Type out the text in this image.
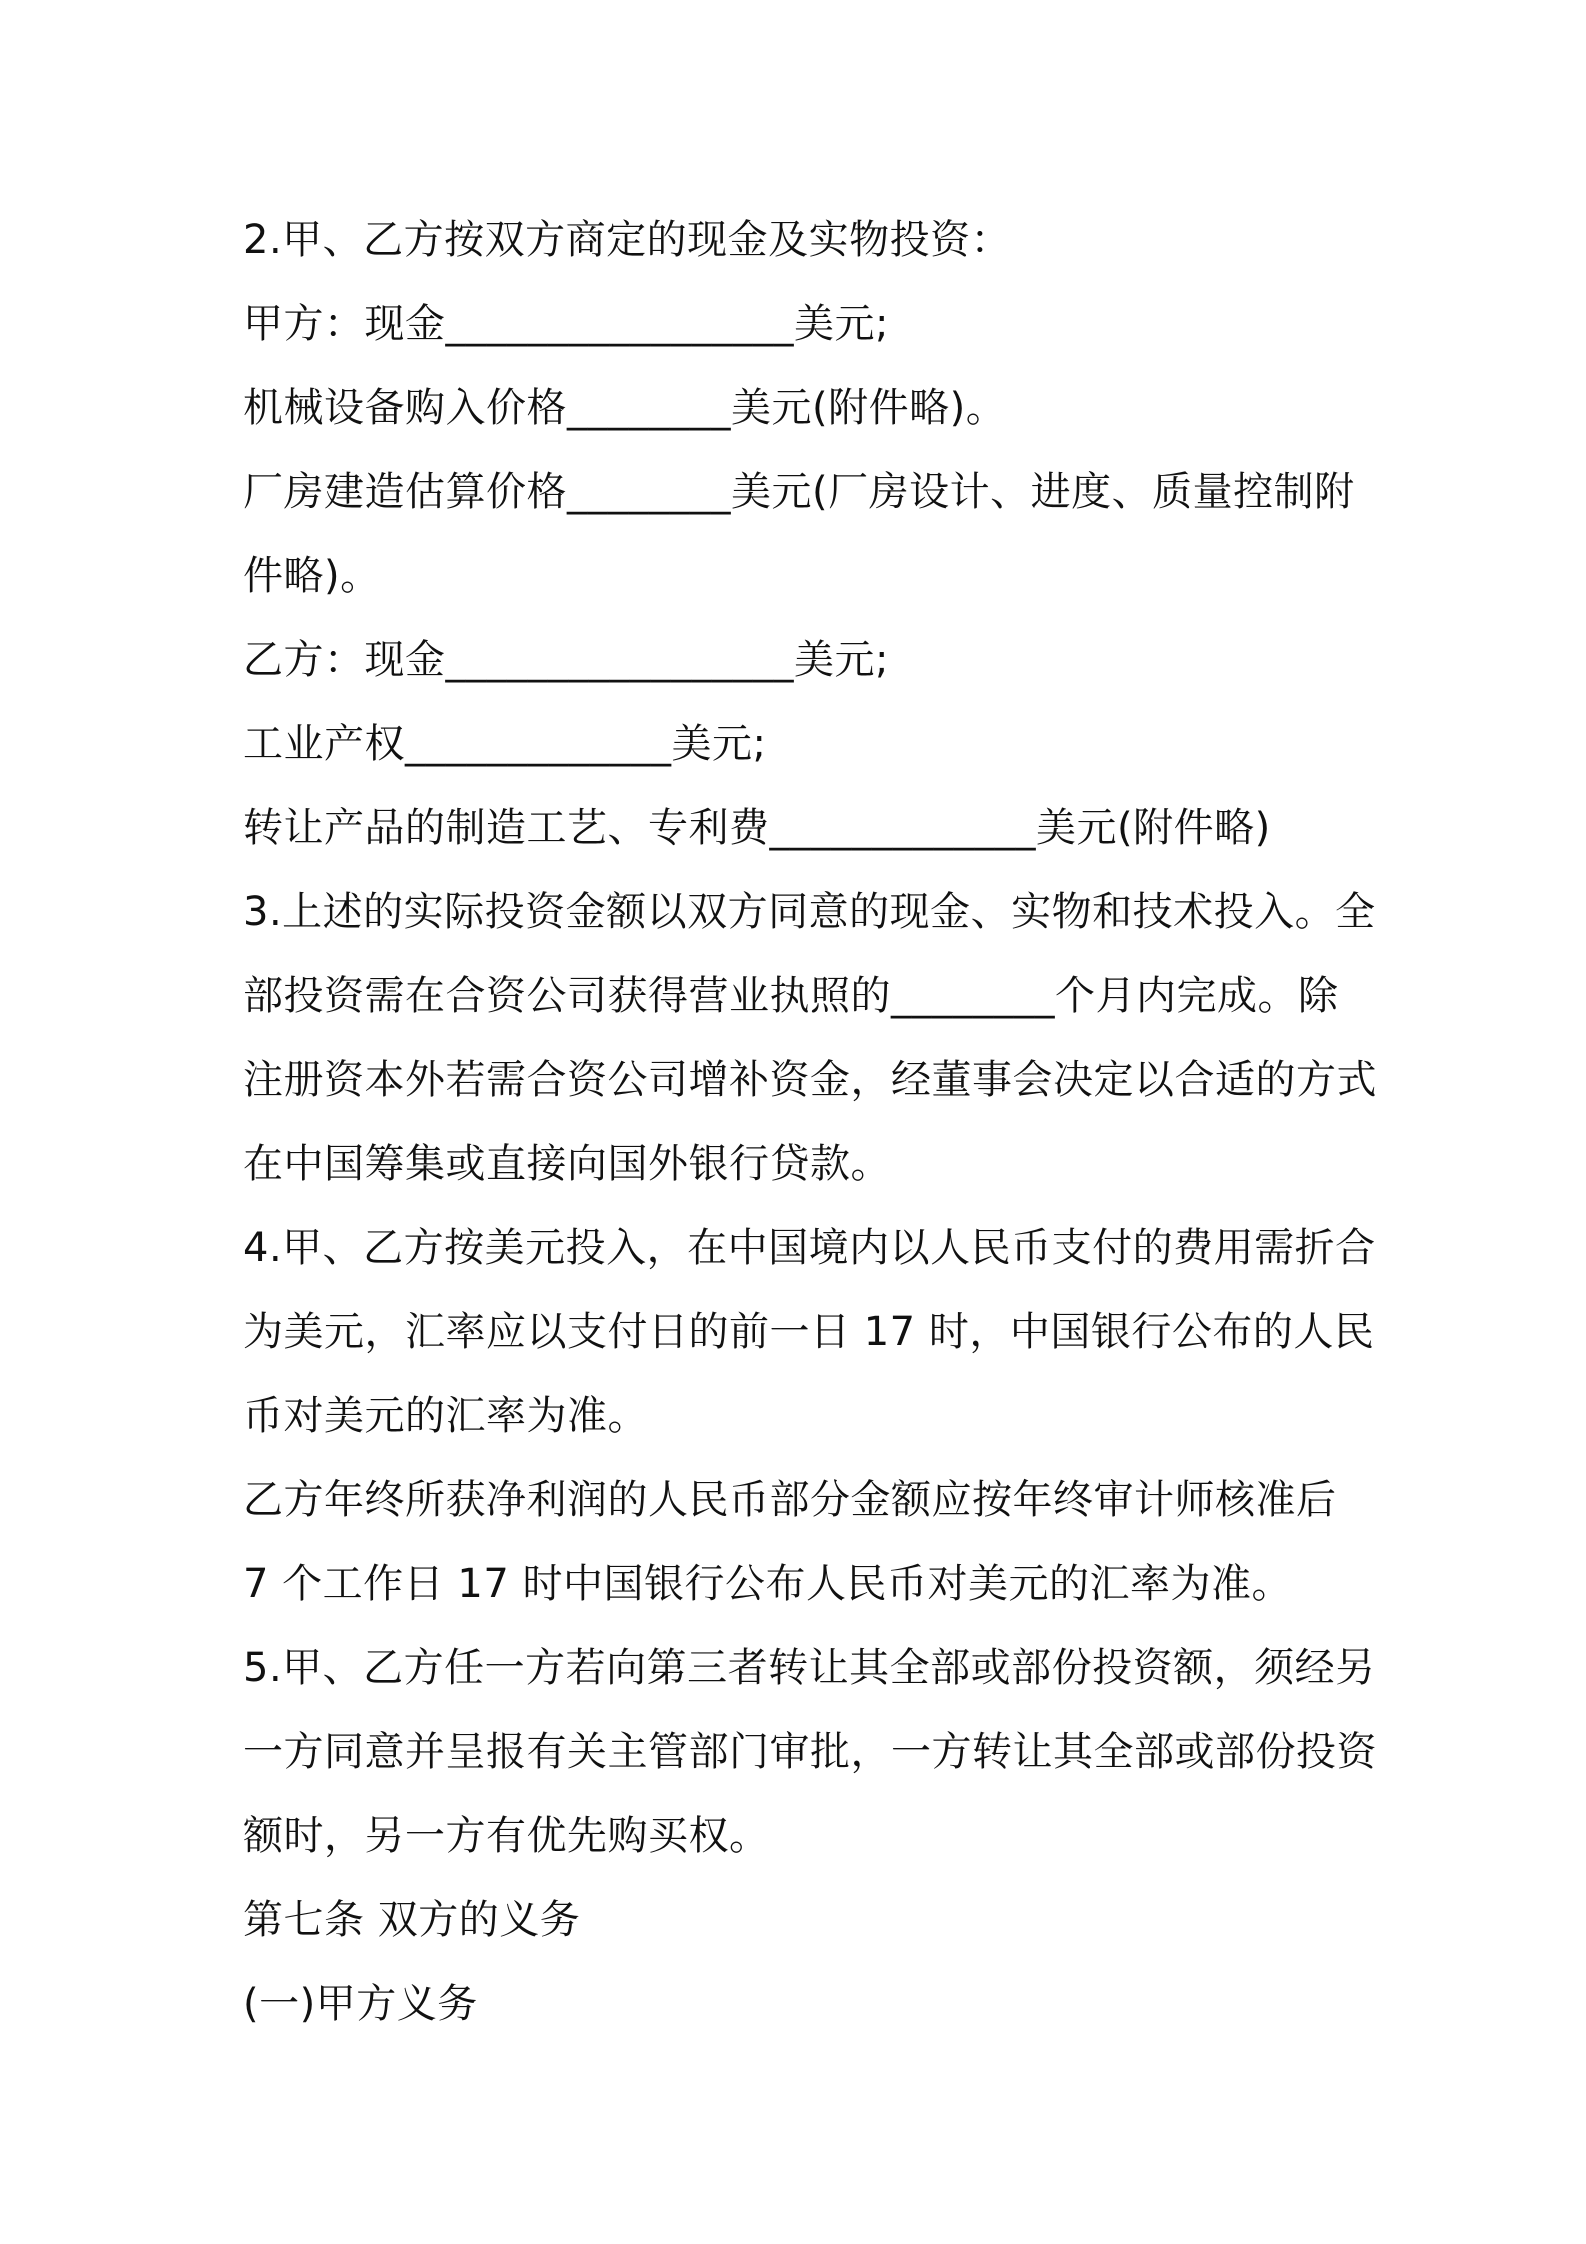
2.甲、乙方按双方商定的现金及实物投资：

甲方：现金_________________美元;

机械设备购入价格________美元(附件略)。

厂房建造估算价格________美元(厂房设计、进度、质量控制附

件略)。

乙方：现金_________________美元;

工业产权_____________美元;

转让产品的制造工艺、专利费_____________美元(附件略)

3.上述的实际投资金额以双方同意的现金、实物和技术投入。全

部投资需在合资公司获得营业执照的________个月内完成。除

注册资本外若需合资公司增补资金，经董事会决定以合适的方式

在中国筹集或直接向国外银行贷款。

4.甲、乙方按美元投入，在中国境内以人民币支付的费用需折合

为美元，汇率应以支付日的前一日 17 时，中国银行公布的人民

币对美元的汇率为准。

乙方年终所获净利润的人民币部分金额应按年终审计师核准后

7 个工作日 17 时中国银行公布人民币对美元的汇率为准。

5.甲、乙方任一方若向第三者转让其全部或部份投资额，须经另

一方同意并呈报有关主管部门审批，一方转让其全部或部份投资

额时，另一方有优先购买权。

第七条 双方的义务

(一)甲方义务
